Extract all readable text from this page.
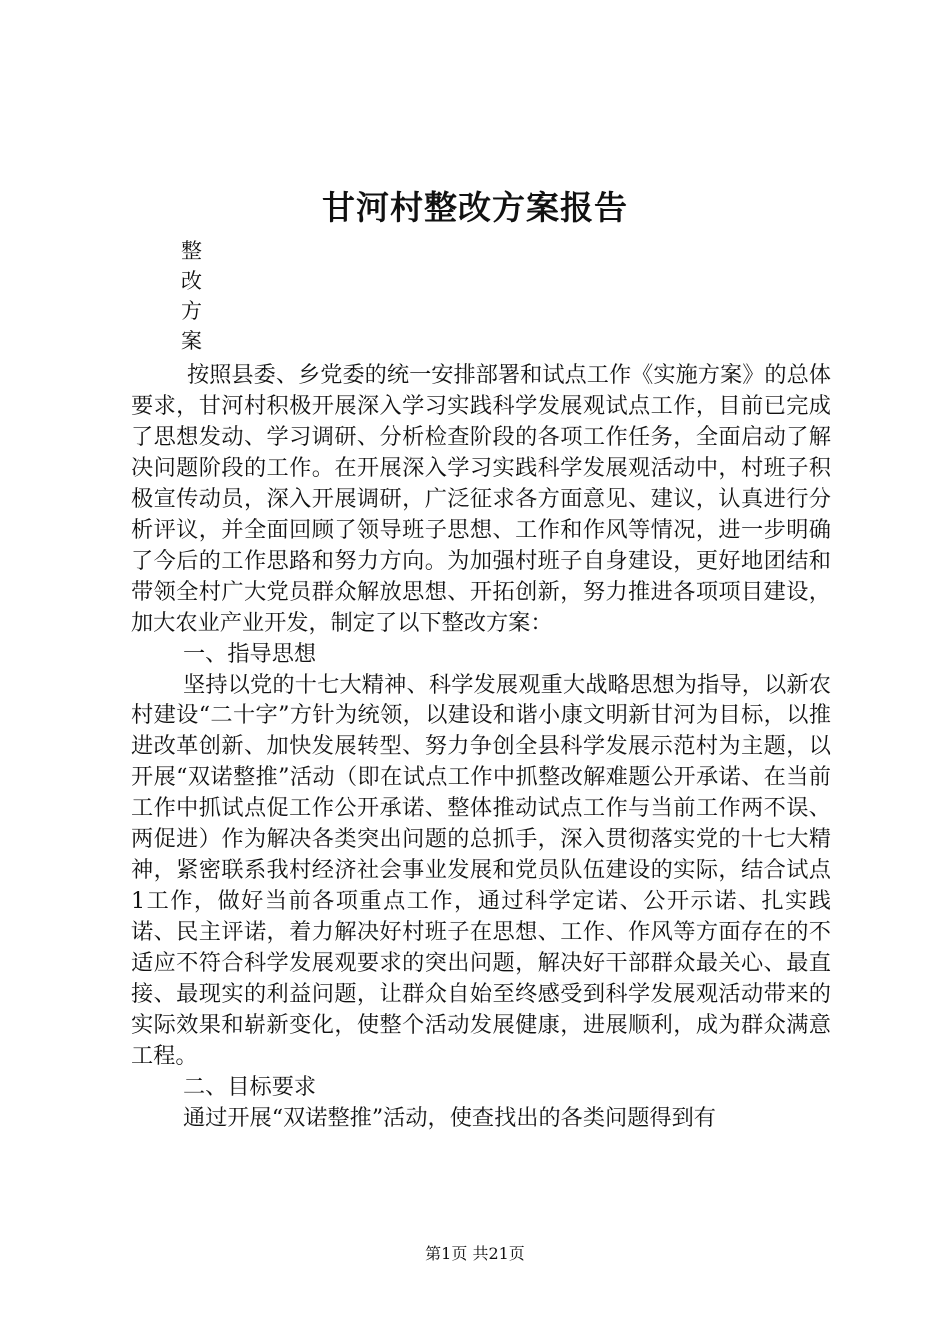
甘河村整改方案报告
整
改
方
案

按照县委、乡党委的统一安排部署和试点工作《实施方案》的总体要求，甘河村积极开展深入学习实践科学发展观试点工作，目前已完成了思想发动、学习调研、分析检查阶段的各项工作任务，全面启动了解决问题阶段的工作。在开展深入学习实践科学发展观活动中，村班子积极宣传动员，深入开展调研，广泛征求各方面意见、建议，认真进行分析评议，并全面回顾了领导班子思想、工作和作风等情况，进一步明确了今后的工作思路和努力方向。为加强村班子自身建设，更好地团结和带领全村广大党员群众解放思想、开拓创新，努力推进各项项目建设，加大农业产业开发，制定了以下整改方案：

一、指导思想

坚持以党的十七大精神、科学发展观重大战略思想为指导，以新农村建设“二十字”方针为统领，以建设和谐小康文明新甘河为目标，以推进改革创新、加快发展转型、努力争创全县科学发展示范村为主题，以开展“双诺整推”活动（即在试点工作中抓整改解难题公开承诺、在当前工作中抓试点促工作公开承诺、整体推动试点工作与当前工作两不误、两促进）作为解决各类突出问题的总抓手，深入贯彻落实党的十七大精神，紧密联系我村经济社会事业发展和党员队伍建设的实际，结合试点1工作，做好当前各项重点工作，通过科学定诺、公开示诺、扎实践诺、民主评诺，着力解决好村班子在思想、工作、作风等方面存在的不适应不符合科学发展观要求的突出问题，解决好干部群众最关心、最直接、最现实的利益问题，让群众自始至终感受到科学发展观活动带来的实际效果和崭新变化，使整个活动发展健康，进展顺利，成为群众满意工程。

二、目标要求

通过开展“双诺整推”活动，使查找出的各类问题得到有

第1页 共21页
